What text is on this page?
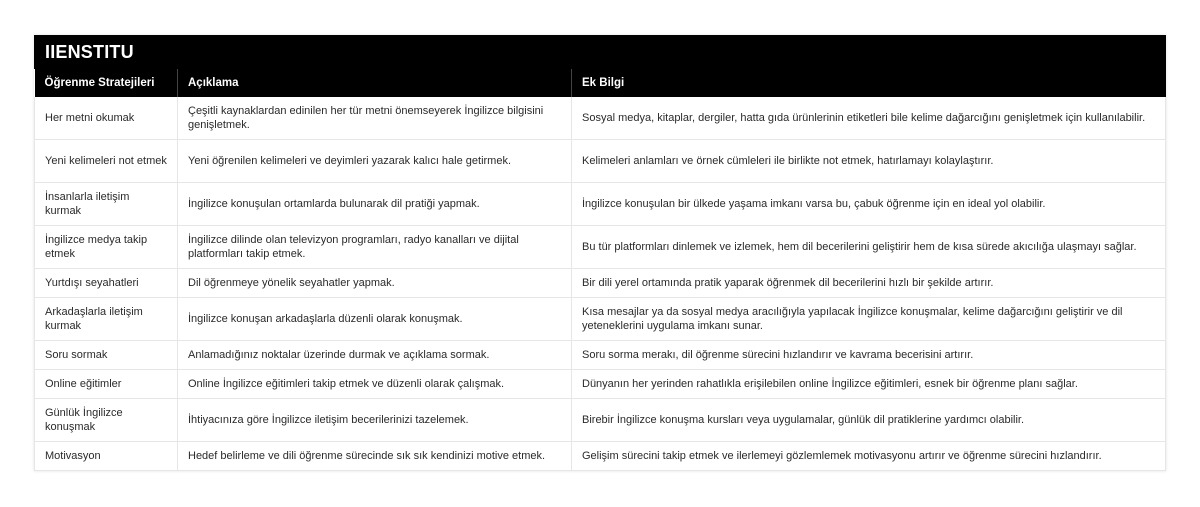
IIENSTITU
Öğrenme Stratejileri	Açıklama	Ek Bilgi
Her metni okumak	Çeşitli kaynaklardan edinilen her tür metni önemseyerek İngilizce bilgisini genişletmek.	Sosyal medya, kitaplar, dergiler, hatta gıda ürünlerinin etiketleri bile kelime dağarcığını genişletmek için kullanılabilir.
Yeni kelimeleri not etmek	Yeni öğrenilen kelimeleri ve deyimleri yazarak kalıcı hale getirmek.	Kelimeleri anlamları ve örnek cümleleri ile birlikte not etmek, hatırlamayı kolaylaştırır.
İnsanlarla iletişim kurmak	İngilizce konuşulan ortamlarda bulunarak dil pratiği yapmak.	İngilizce konuşulan bir ülkede yaşama imkanı varsa bu, çabuk öğrenme için en ideal yol olabilir.
İngilizce medya takip etmek	İngilizce dilinde olan televizyon programları, radyo kanalları ve dijital platformları takip etmek.	Bu tür platformları dinlemek ve izlemek, hem dil becerilerini geliştirir hem de kısa sürede akıcılığa ulaşmayı sağlar.
Yurtdışı seyahatleri	Dil öğrenmeye yönelik seyahatler yapmak.	Bir dili yerel ortamında pratik yaparak öğrenmek dil becerilerini hızlı bir şekilde artırır.
Arkadaşlarla iletişim kurmak	İngilizce konuşan arkadaşlarla düzenli olarak konuşmak.	Kısa mesajlar ya da sosyal medya aracılığıyla yapılacak İngilizce konuşmalar, kelime dağarcığını geliştirir ve dil yeteneklerini uygulama imkanı sunar.
Soru sormak	Anlamadığınız noktalar üzerinde durmak ve açıklama sormak.	Soru sorma merakı, dil öğrenme sürecini hızlandırır ve kavrama becerisini artırır.
Online eğitimler	Online İngilizce eğitimleri takip etmek ve düzenli olarak çalışmak.	Dünyanın her yerinden rahatlıkla erişilebilen online İngilizce eğitimleri, esnek bir öğrenme planı sağlar.
Günlük İngilizce konuşmak	İhtiyacınıza göre İngilizce iletişim becerilerinizi tazelemek.	Birebir İngilizce konuşma kursları veya uygulamalar, günlük dil pratiklerine yardımcı olabilir.
Motivasyon	Hedef belirleme ve dili öğrenme sürecinde sık sık kendinizi motive etmek.	Gelişim sürecini takip etmek ve ilerlemeyi gözlemlemek motivasyonu artırır ve öğrenme sürecini hızlandırır.
